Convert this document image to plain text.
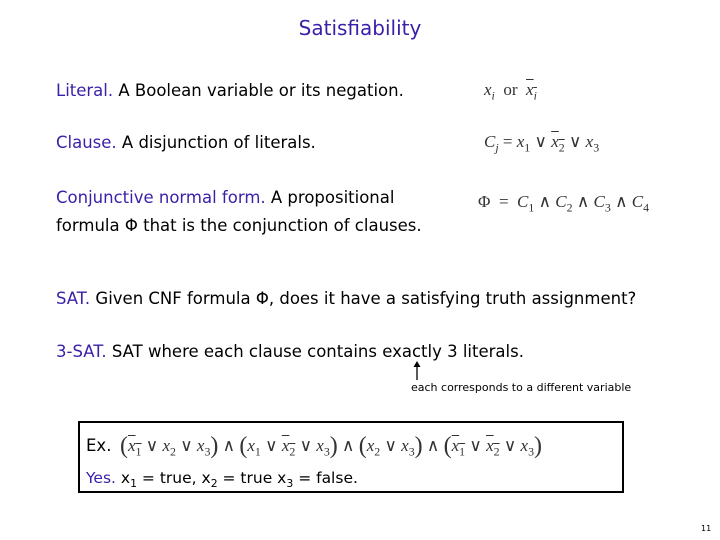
Satisfiability
Literal. A Boolean variable or its negation.	$x_i$ or $x_i$
Clause. A disjunction of literals.	$C_j = x_1$ ∨ $x_2$ ∨ $x_3$
Conjunctive normal form. A propositional
formula Φ that is the conjunction of clauses.
$\Phi = C_1$ ∧ $C_2$ ∧ $C_3$ ∧ $C_4$
SAT. Given CNF formula Φ, does it have a satisfying truth assignment?
3-SAT. SAT where each clause contains exactly 3 literals.
each corresponds to a different variable
Ex. ($x_1$ ∨ $x_2$ ∨ $x_3$) ∧ ($x_1$ ∨ $x_2$ ∨ $x_3$) ∧ ($x_2$ ∨ $x_3$) ∧ ($x_1$ ∨ $x_2$ ∨ $x_3$)
Yes. $x_1$ = true, $x_2$ = true $x_3$ = false.
11
